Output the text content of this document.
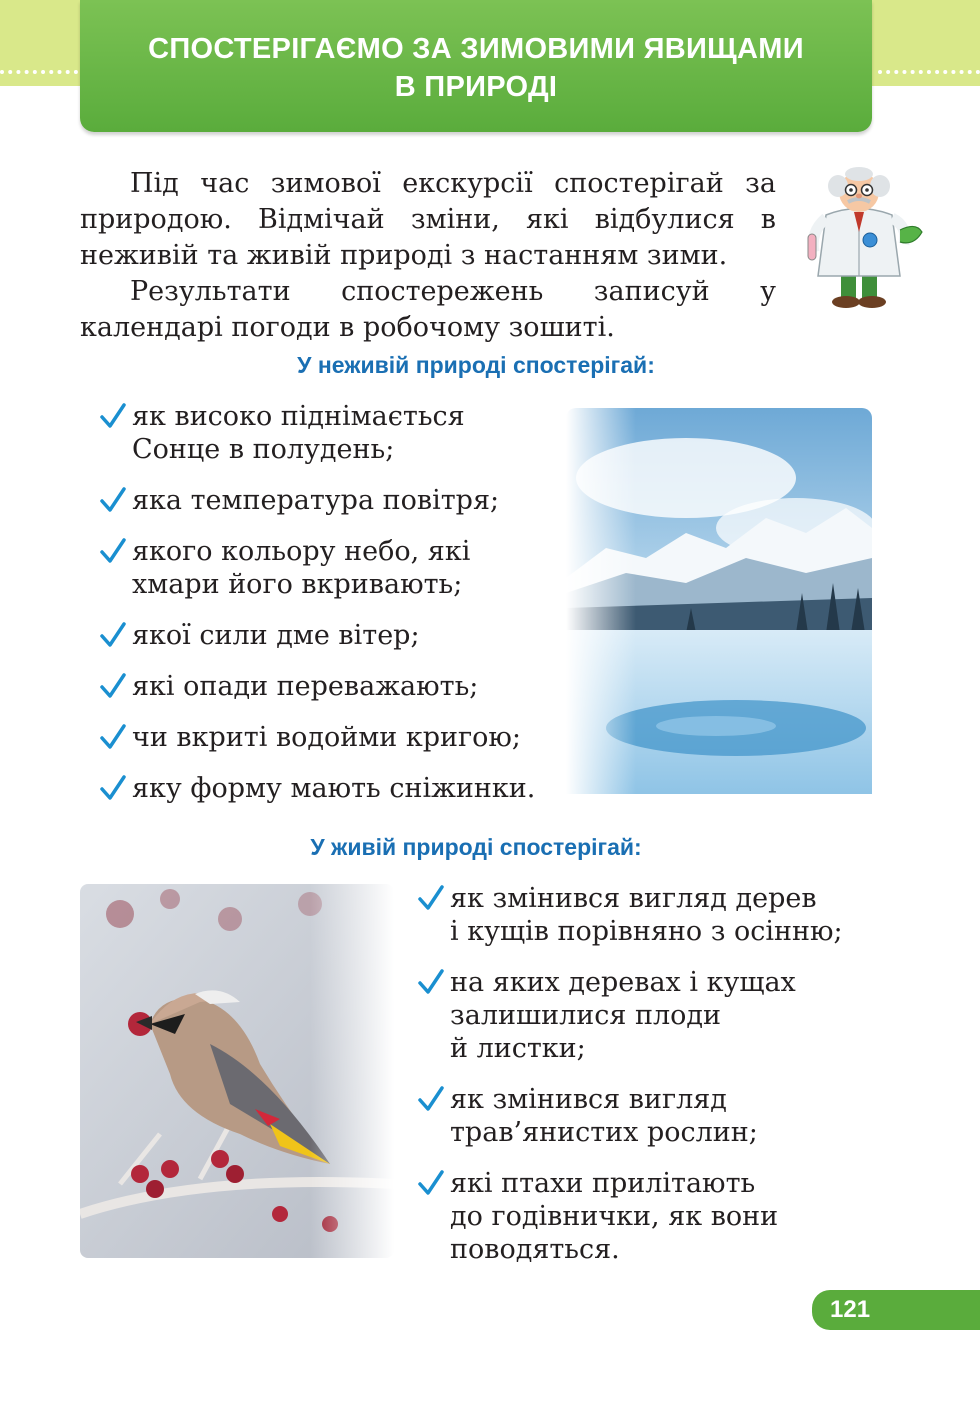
СПОСТЕРІГАЄМО ЗА ЗИМОВИМИ ЯВИЩАМИ
В ПРИРОДІ

Під час зимової екскурсії спостерігай за природою. Відмічай зміни, які відбулися в неживій та живій природі з настанням зими.

Результати спостережень записуй у календарі погоди в робочому зошиті.

У неживій природі спостерігай:
як високо піднімається
Сонце в полудень;
яка температура повітря;
якого кольору небо, які
хмари його вкривають;
якої сили дме вітер;
які опади переважають;
чи вкриті водойми кригою;
яку форму мають сніжинки.
У живій природі спостерігай:
як змінився вигляд дерев
і кущів порівняно з осінню;
на яких деревах і кущах
залишилися плоди
й листки;
як змінився вигляд
трав’янистих рослин;
які птахи прилітають
до годівнички, як вони
поводяться.
121
